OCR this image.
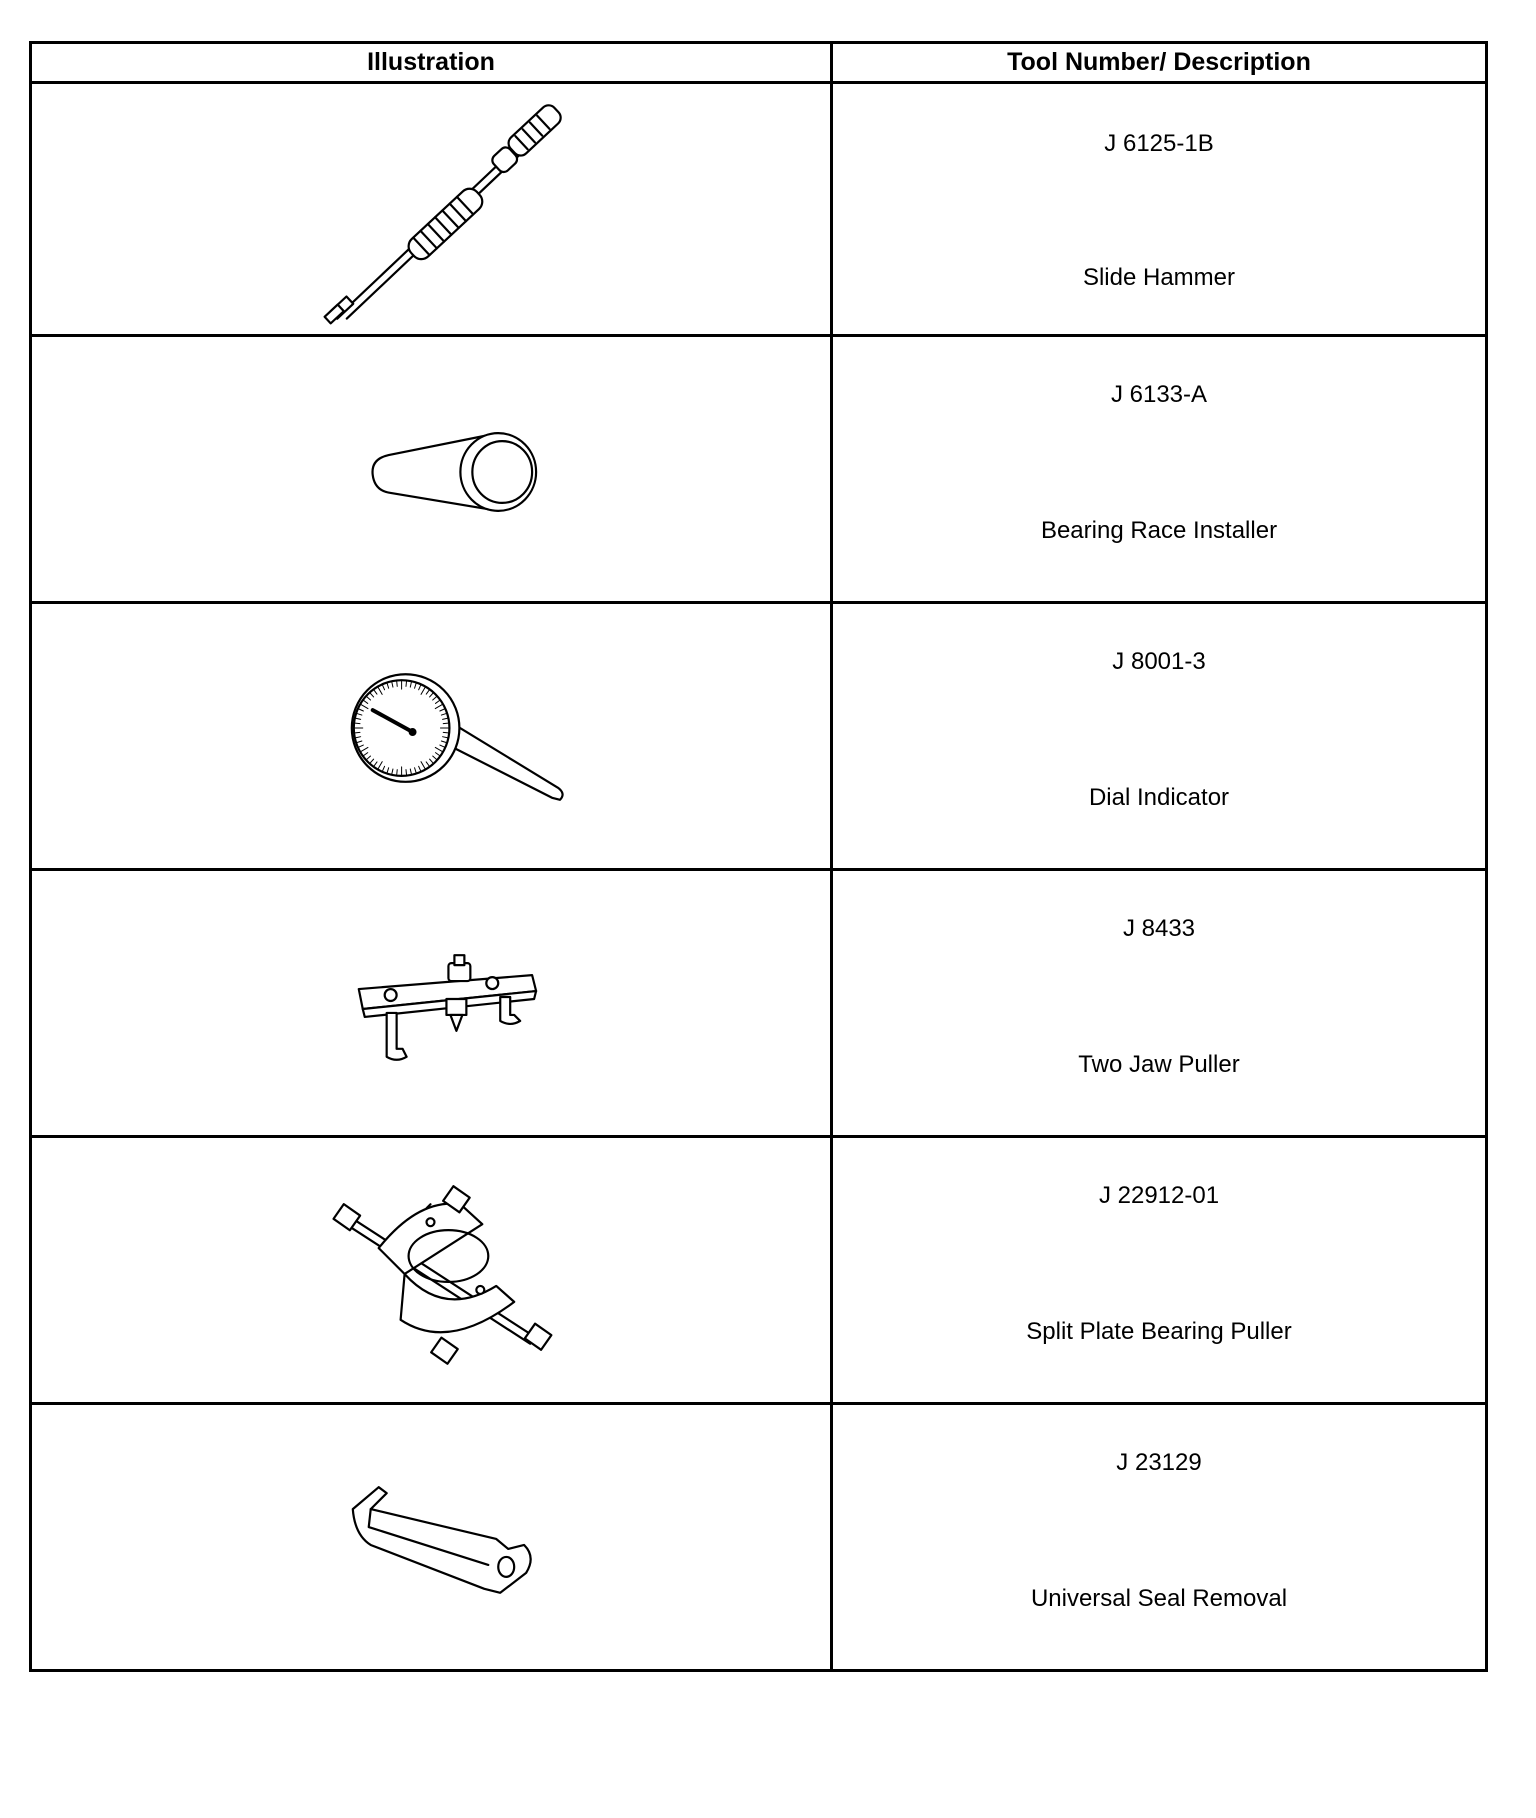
Illustration	Tool Number/ Description

J 6125-1B
Slide Hammer

J 6133-A
Bearing Race Installer

J 8001-3
Dial Indicator

J 8433
Two Jaw Puller

J 22912-01
Split Plate Bearing Puller

J 23129
Universal Seal Removal
